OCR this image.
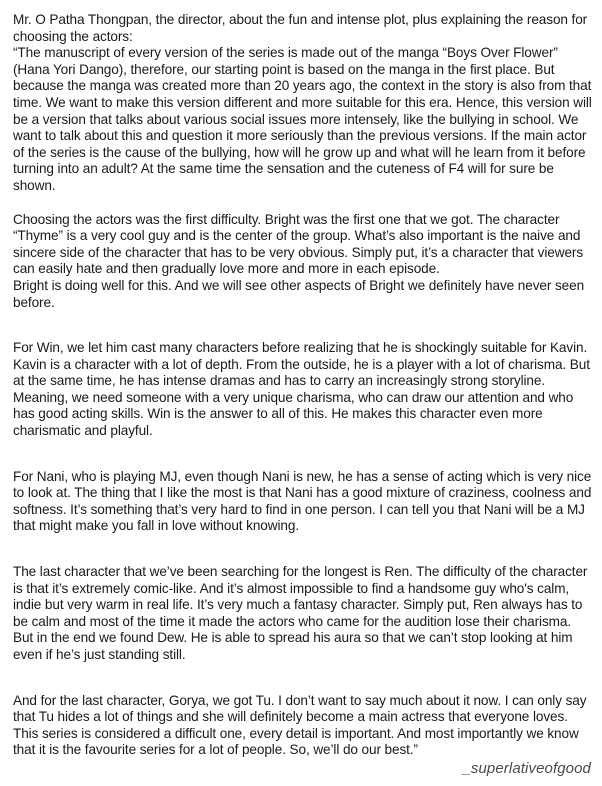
Mr. O Patha Thongpan, the director, about the fun and intense plot, plus explaining the reason for choosing the actors:
“The manuscript of every version of the series is made out of the manga “Boys Over Flower” (Hana Yori Dango), therefore, our starting point is based on the manga in the first place. But because the manga was created more than 20 years ago, the context in the story is also from that time. We want to make this version different and more suitable for this era. Hence, this version will be a version that talks about various social issues more intensely, like the bullying in school. We want to talk about this and question it more seriously than the previous versions. If the main actor of the series is the cause of the bullying, how will he grow up and what will he learn from it before turning into an adult? At the same time the sensation and the cuteness of F4 will for sure be shown.

Choosing the actors was the first difficulty. Bright was the first one that we got. The character “Thyme” is a very cool guy and is the center of the group. What’s also important is the naive and sincere side of the character that has to be very obvious. Simply put, it’s a character that viewers can easily hate and then gradually love more and more in each episode.
Bright is doing well for this. And we will see other aspects of Bright we definitely have never seen before.

For Win, we let him cast many characters before realizing that he is shockingly suitable for Kavin. Kavin is a character with a lot of depth. From the outside, he is a player with a lot of charisma. But at the same time, he has intense dramas and has to carry an increasingly strong storyline. Meaning, we need someone with a very unique charisma, who can draw our attention and who has good acting skills. Win is the answer to all of this. He makes this character even more charismatic and playful.

For Nani, who is playing MJ, even though Nani is new, he has a sense of acting which is very nice to look at. The thing that I like the most is that Nani has a good mixture of craziness, coolness and softness. It’s something that’s very hard to find in one person. I can tell you that Nani will be a MJ that might make you fall in love without knowing.

The last character that we’ve been searching for the longest is Ren. The difficulty of the character is that it’s extremely comic-like. And it’s almost impossible to find a handsome guy who's calm, indie but very warm in real life. It’s very much a fantasy character. Simply put, Ren always has to be calm and most of the time it made the actors who came for the audition lose their charisma. But in the end we found Dew. He is able to spread his aura so that we can’t stop looking at him even if he’s just standing still.

And for the last character, Gorya, we got Tu. I don’t want to say much about it now. I can only say that Tu hides a lot of things and she will definitely become a main actress that everyone loves. This series is considered a difficult one, every detail is important. And most importantly we know that it is the favourite series for a lot of people. So, we’ll do our best.”

_superlativeofgood
